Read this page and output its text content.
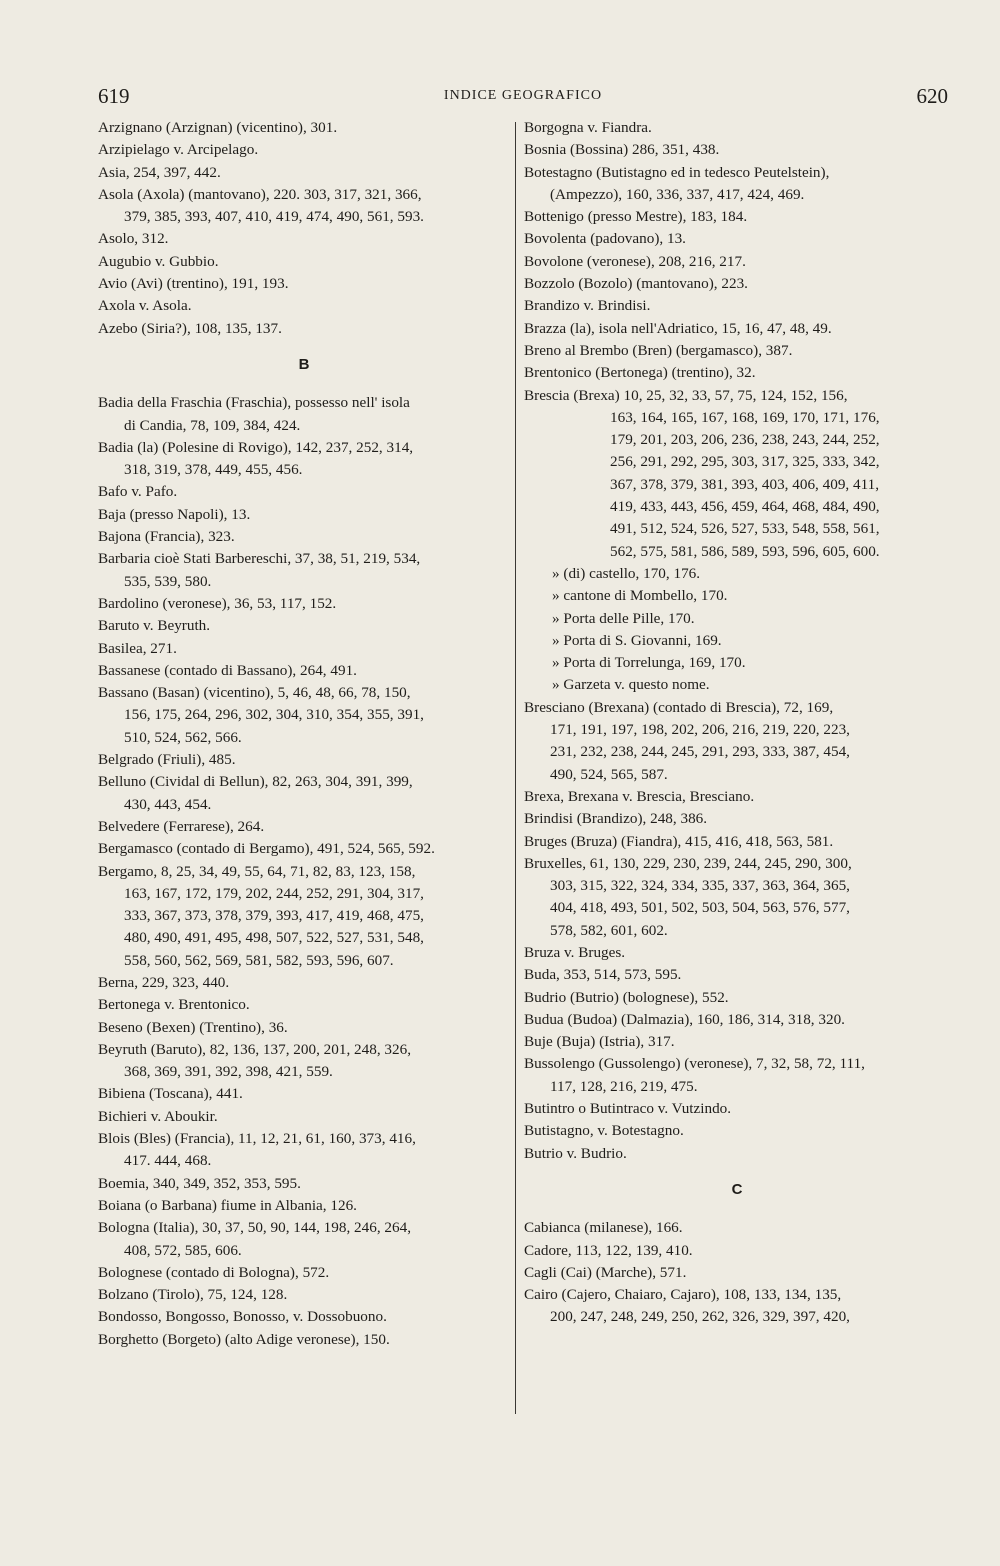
619	INDICE GEOGRAFICO	620
Arzignano (Arzignan) (vicentino), 301.
Arzipielago v. Arcipelago.
Asia, 254, 397, 442.
Asola (Axola) (mantovano), 220. 303, 317, 321, 366,
379, 385, 393, 407, 410, 419, 474, 490, 561, 593.
Asolo, 312.
Augubio v. Gubbio.
Avio (Avi) (trentino), 191, 193.
Axola v. Asola.
Azebo (Siria?), 108, 135, 137.
B
Badia della Fraschia (Fraschia), possesso nell' isola
di Candia, 78, 109, 384, 424.
Badia (la) (Polesine di Rovigo), 142, 237, 252, 314,
318, 319, 378, 449, 455, 456.
Bafo v. Pafo.
Baja (presso Napoli), 13.
Bajona (Francia), 323.
Barbaria cioè Stati Barbereschi, 37, 38, 51, 219, 534,
535, 539, 580.
Bardolino (veronese), 36, 53, 117, 152.
Baruto v. Beyruth.
Basilea, 271.
Bassanese (contado di Bassano), 264, 491.
Bassano (Basan) (vicentino), 5, 46, 48, 66, 78, 150,
156, 175, 264, 296, 302, 304, 310, 354, 355, 391,
510, 524, 562, 566.
Belgrado (Friuli), 485.
Belluno (Cividal di Bellun), 82, 263, 304, 391, 399,
430, 443, 454.
Belvedere (Ferrarese), 264.
Bergamasco (contado di Bergamo), 491, 524, 565, 592.
Bergamo, 8, 25, 34, 49, 55, 64, 71, 82, 83, 123, 158,
163, 167, 172, 179, 202, 244, 252, 291, 304, 317,
333, 367, 373, 378, 379, 393, 417, 419, 468, 475,
480, 490, 491, 495, 498, 507, 522, 527, 531, 548,
558, 560, 562, 569, 581, 582, 593, 596, 607.
Berna, 229, 323, 440.
Bertonega v. Brentonico.
Beseno (Bexen) (Trentino), 36.
Beyruth (Baruto), 82, 136, 137, 200, 201, 248, 326,
368, 369, 391, 392, 398, 421, 559.
Bibiena (Toscana), 441.
Bichieri v. Aboukir.
Blois (Bles) (Francia), 11, 12, 21, 61, 160, 373, 416,
417. 444, 468.
Boemia, 340, 349, 352, 353, 595.
Boiana (o Barbana) fiume in Albania, 126.
Bologna (Italia), 30, 37, 50, 90, 144, 198, 246, 264,
408, 572, 585, 606.
Bolognese (contado di Bologna), 572.
Bolzano (Tirolo), 75, 124, 128.
Bondosso, Bongosso, Bonosso, v. Dossobuono.
Borghetto (Borgeto) (alto Adige veronese), 150.
Borgogna v. Fiandra.
Bosnia (Bossina) 286, 351, 438.
Botestagno (Butistagno ed in tedesco Peutelstein),
(Ampezzo), 160, 336, 337, 417, 424, 469.
Bottenigo (presso Mestre), 183, 184.
Bovolenta (padovano), 13.
Bovolone (veronese), 208, 216, 217.
Bozzolo (Bozolo) (mantovano), 223.
Brandizo v. Brindisi.
Brazza (la), isola nell'Adriatico, 15, 16, 47, 48, 49.
Breno al Brembo (Bren) (bergamasco), 387.
Brentonico (Bertonega) (trentino), 32.
Brescia (Brexa) 10, 25, 32, 33, 57, 75, 124, 152, 156,
163, 164, 165, 167, 168, 169, 170, 171, 176,
179, 201, 203, 206, 236, 238, 243, 244, 252,
256, 291, 292, 295, 303, 317, 325, 333, 342,
367, 378, 379, 381, 393, 403, 406, 409, 411,
419, 433, 443, 456, 459, 464, 468, 484, 490,
491, 512, 524, 526, 527, 533, 548, 558, 561,
562, 575, 581, 586, 589, 593, 596, 605, 600.
» (di) castello, 170, 176.
» cantone di Mombello, 170.
» Porta delle Pille, 170.
» Porta di S. Giovanni, 169.
» Porta di Torrelunga, 169, 170.
» Garzeta v. questo nome.
Bresciano (Brexana) (contado di Brescia), 72, 169,
171, 191, 197, 198, 202, 206, 216, 219, 220, 223,
231, 232, 238, 244, 245, 291, 293, 333, 387, 454,
490, 524, 565, 587.
Brexa, Brexana v. Brescia, Bresciano.
Brindisi (Brandizo), 248, 386.
Bruges (Bruza) (Fiandra), 415, 416, 418, 563, 581.
Bruxelles, 61, 130, 229, 230, 239, 244, 245, 290, 300,
303, 315, 322, 324, 334, 335, 337, 363, 364, 365,
404, 418, 493, 501, 502, 503, 504, 563, 576, 577,
578, 582, 601, 602.
Bruza v. Bruges.
Buda, 353, 514, 573, 595.
Budrio (Butrio) (bolognese), 552.
Budua (Budoa) (Dalmazia), 160, 186, 314, 318, 320.
Buje (Buja) (Istria), 317.
Bussolengo (Gussolengo) (veronese), 7, 32, 58, 72, 111,
117, 128, 216, 219, 475.
Butintro o Butintraco v. Vutzindo.
Butistagno, v. Botestagno.
Butrio v. Budrio.
C
Cabianca (milanese), 166.
Cadore, 113, 122, 139, 410.
Cagli (Cai) (Marche), 571.
Cairo (Cajero, Chaiaro, Cajaro), 108, 133, 134, 135,
200, 247, 248, 249, 250, 262, 326, 329, 397, 420,
